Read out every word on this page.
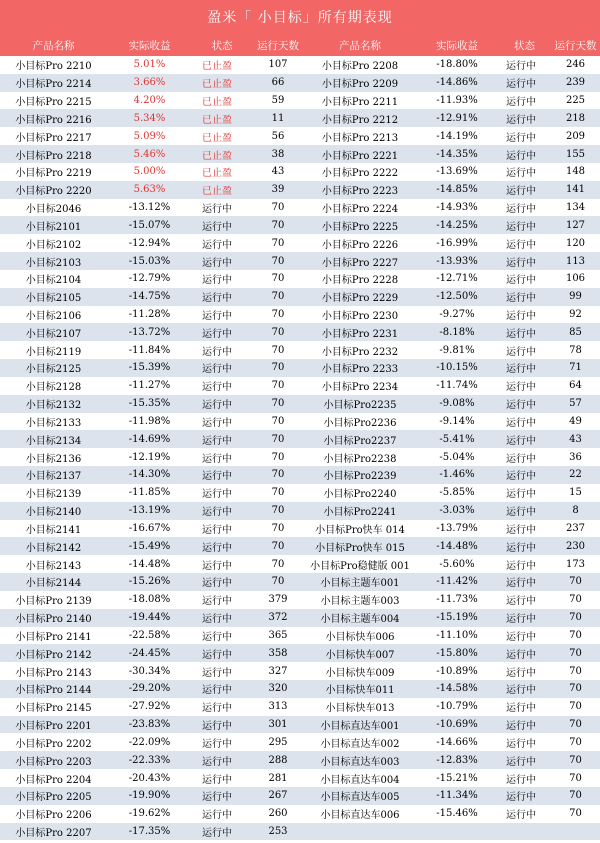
盈米「 小目标」所有期表现
产品名称	实际收益	状态	运行天数	产品名称	实际收益	状态	运行天数
小目标Pro 2210	5.01%	已止盈	107	小目标Pro 2208	-18.80%	运行中	246
小目标Pro 2214	3.66%	已止盈	66	小目标Pro 2209	-14.86%	运行中	239
小目标Pro 2215	4.20%	已止盈	59	小目标Pro 2211	-11.93%	运行中	225
小目标Pro 2216	5.34%	已止盈	11	小目标Pro 2212	-12.91%	运行中	218
小目标Pro 2217	5.09%	已止盈	56	小目标Pro 2213	-14.19%	运行中	209
小目标Pro 2218	5.46%	已止盈	38	小目标Pro 2221	-14.35%	运行中	155
小目标Pro 2219	5.00%	已止盈	43	小目标Pro 2222	-13.69%	运行中	148
小目标Pro 2220	5.63%	已止盈	39	小目标Pro 2223	-14.85%	运行中	141
小目标2046	-13.12%	运行中	70	小目标Pro 2224	-14.93%	运行中	134
小目标2101	-15.07%	运行中	70	小目标Pro 2225	-14.25%	运行中	127
小目标2102	-12.94%	运行中	70	小目标Pro 2226	-16.99%	运行中	120
小目标2103	-15.03%	运行中	70	小目标Pro 2227	-13.93%	运行中	113
小目标2104	-12.79%	运行中	70	小目标Pro 2228	-12.71%	运行中	106
小目标2105	-14.75%	运行中	70	小目标Pro 2229	-12.50%	运行中	99
小目标2106	-11.28%	运行中	70	小目标Pro 2230	-9.27%	运行中	92
小目标2107	-13.72%	运行中	70	小目标Pro 2231	-8.18%	运行中	85
小目标2119	-11.84%	运行中	70	小目标Pro 2232	-9.81%	运行中	78
小目标2125	-15.39%	运行中	70	小目标Pro 2233	-10.15%	运行中	71
小目标2128	-11.27%	运行中	70	小目标Pro 2234	-11.74%	运行中	64
小目标2132	-15.35%	运行中	70	小目标Pro2235	-9.08%	运行中	57
小目标2133	-11.98%	运行中	70	小目标Pro2236	-9.14%	运行中	49
小目标2134	-14.69%	运行中	70	小目标Pro2237	-5.41%	运行中	43
小目标2136	-12.19%	运行中	70	小目标Pro2238	-5.04%	运行中	36
小目标2137	-14.30%	运行中	70	小目标Pro2239	-1.46%	运行中	22
小目标2139	-11.85%	运行中	70	小目标Pro2240	-5.85%	运行中	15
小目标2140	-13.19%	运行中	70	小目标Pro2241	-3.03%	运行中	8
小目标2141	-16.67%	运行中	70	小目标Pro快车 014	-13.79%	运行中	237
小目标2142	-15.49%	运行中	70	小目标Pro快车 015	-14.48%	运行中	230
小目标2143	-14.48%	运行中	70	小目标Pro稳健版 001	-5.60%	运行中	173
小目标2144	-15.26%	运行中	70	小目标主题车001	-11.42%	运行中	70
小目标Pro 2139	-18.08%	运行中	379	小目标主题车003	-11.73%	运行中	70
小目标Pro 2140	-19.44%	运行中	372	小目标主题车004	-15.19%	运行中	70
小目标Pro 2141	-22.58%	运行中	365	小目标快车006	-11.10%	运行中	70
小目标Pro 2142	-24.45%	运行中	358	小目标快车007	-15.80%	运行中	70
小目标Pro 2143	-30.34%	运行中	327	小目标快车009	-10.89%	运行中	70
小目标Pro 2144	-29.20%	运行中	320	小目标快车011	-14.58%	运行中	70
小目标Pro 2145	-27.92%	运行中	313	小目标快车013	-10.79%	运行中	70
小目标Pro 2201	-23.83%	运行中	301	小目标直达车001	-10.69%	运行中	70
小目标Pro 2202	-22.09%	运行中	295	小目标直达车002	-14.66%	运行中	70
小目标Pro 2203	-22.33%	运行中	288	小目标直达车003	-12.83%	运行中	70
小目标Pro 2204	-20.43%	运行中	281	小目标直达车004	-15.21%	运行中	70
小目标Pro 2205	-19.90%	运行中	267	小目标直达车005	-11.34%	运行中	70
小目标Pro 2206	-19.62%	运行中	260	小目标直达车006	-15.46%	运行中	70
小目标Pro 2207	-17.35%	运行中	253
